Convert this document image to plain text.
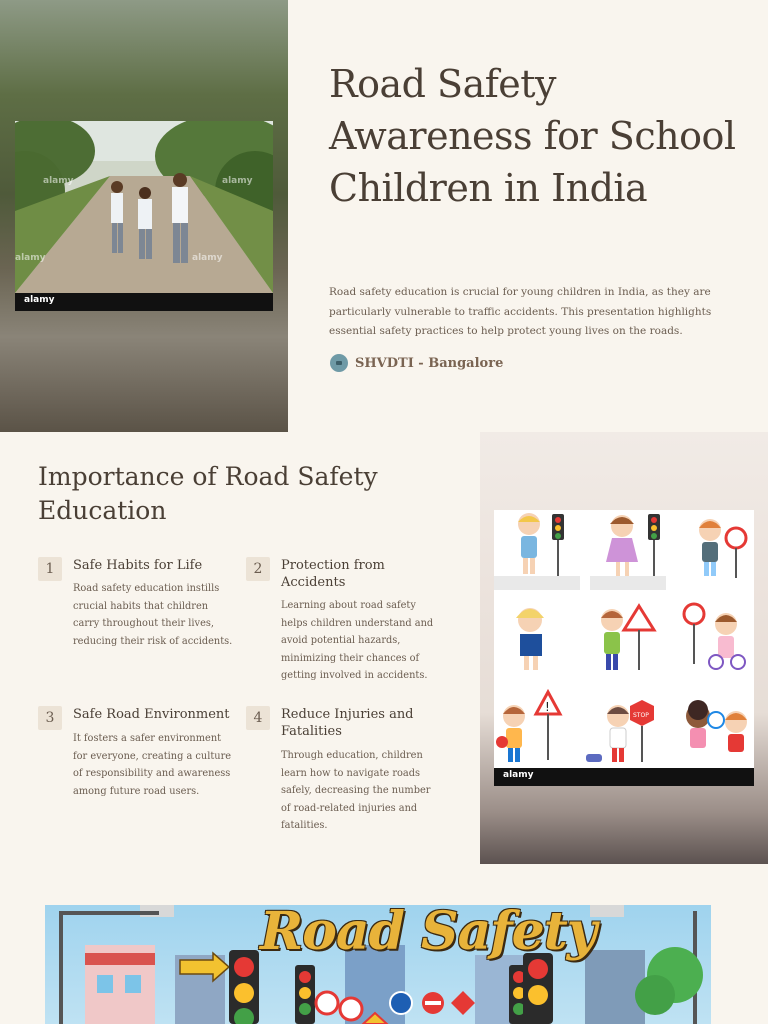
alamy	alamy
alamy	alamy
alamy
Road Safety Awareness for School Children in India

Road safety education is crucial for young children in India, as they are particularly vulnerable to traffic accidents. This presentation highlights essential safety practices to help protect young lives on the roads.

SHVDTI - Bangalore
Importance of Road Safety Education
1	Safe Habits for Life

Road safety education instills crucial habits that children carry throughout their lives, reducing their risk of accidents.

2	Protection from Accidents

Learning about road safety helps children understand and avoid potential hazards, minimizing their chances of getting involved in accidents.

3	Safe Road Environment

It fosters a safer environment for everyone, creating a culture of responsibility and awareness among future road users.

4	Reduce Injuries and Fatalities

Through education, children learn how to navigate roads safely, decreasing the number of road-related injuries and fatalities.

!
STOP
alamy
Road Safety
